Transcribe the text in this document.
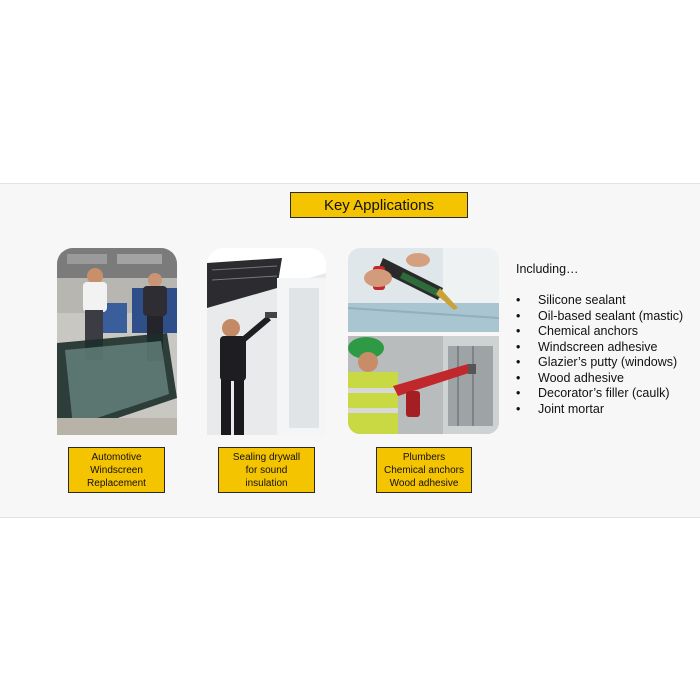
Key Applications
Automotive
Windscreen
Replacement
Sealing drywall
for sound
insulation
Plumbers
Chemical anchors
Wood adhesive
Including…
• Silicone sealant
• Oil-based sealant (mastic)
• Chemical anchors
• Windscreen adhesive
• Glazier’s putty (windows)
• Wood adhesive
• Decorator’s filler (caulk)
• Joint mortar
